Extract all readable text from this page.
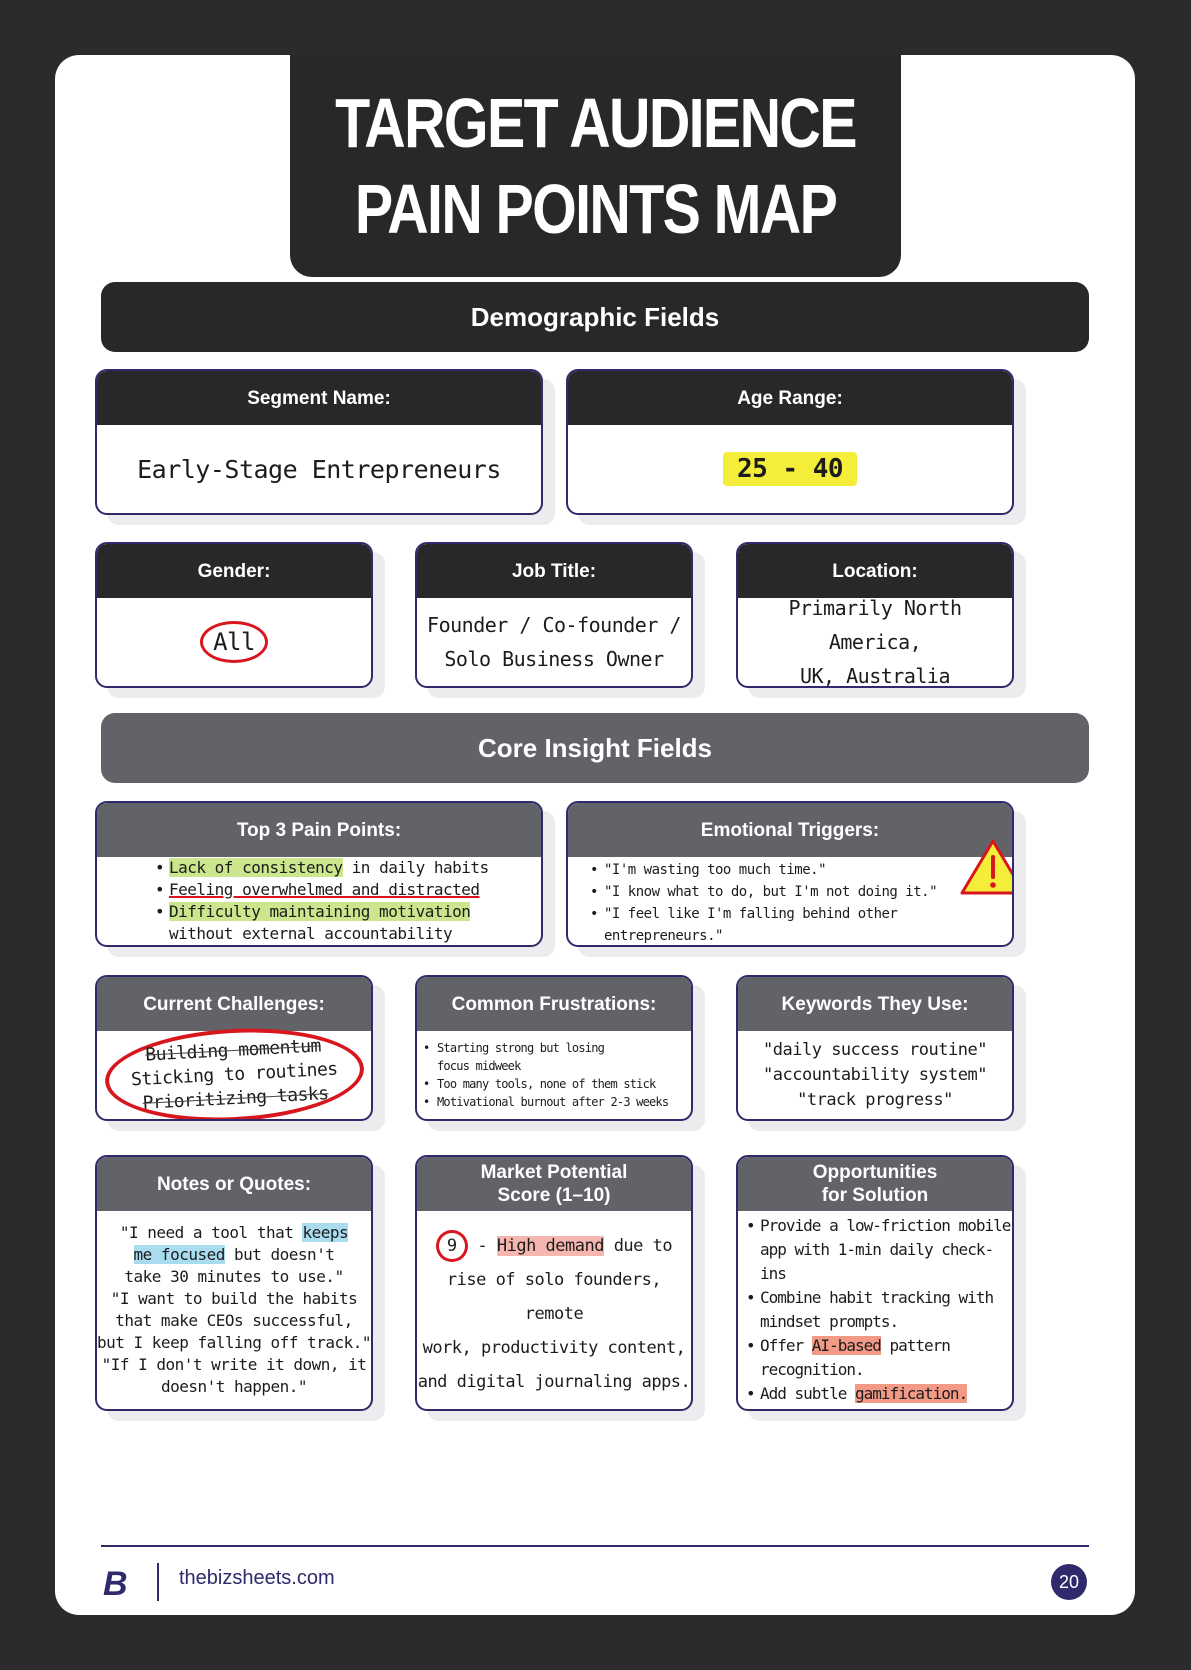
TARGET AUDIENCE
PAIN POINTS MAP
Demographic Fields
Segment Name:
Early-Stage Entrepreneurs
Age Range:
25 - 40
Gender:
All
Job Title:
Founder / Co-founder /
Solo Business Owner
Location:
Primarily North America,
UK, Australia
Core Insight Fields
Top 3 Pain Points:
• Lack of consistency in daily habits
• Feeling overwhelmed and distracted
• Difficulty maintaining motivation
without external accountability
Emotional Triggers:
• "I'm wasting too much time."
• "I know what to do, but I'm not doing it."
• "I feel like I'm falling behind other entrepreneurs."
Current Challenges:
Building momentum
Sticking to routines
Prioritizing tasks
Common Frustrations:
• Starting strong but losing
focus midweek
• Too many tools, none of them stick
• Motivational burnout after 2-3 weeks
Keywords They Use:
"daily success routine"
"accountability system"
"track progress"
Notes or Quotes:
"I need a tool that keeps
me focused but doesn't
take 30 minutes to use."
"I want to build the habits
that make CEOs successful,
but I keep falling off track."
"If I don't write it down, it
doesn't happen."
Market Potential
Score (1–10)
9 - High demand due to
rise of solo founders, remote
work, productivity content,
and digital journaling apps.
Opportunities
for Solution
• Provide a low-friction mobile
app with 1-min daily check-ins
• Combine habit tracking with
mindset prompts.
• Offer AI-based pattern
recognition.
• Add subtle gamification.
B	thebizsheets.com	20
